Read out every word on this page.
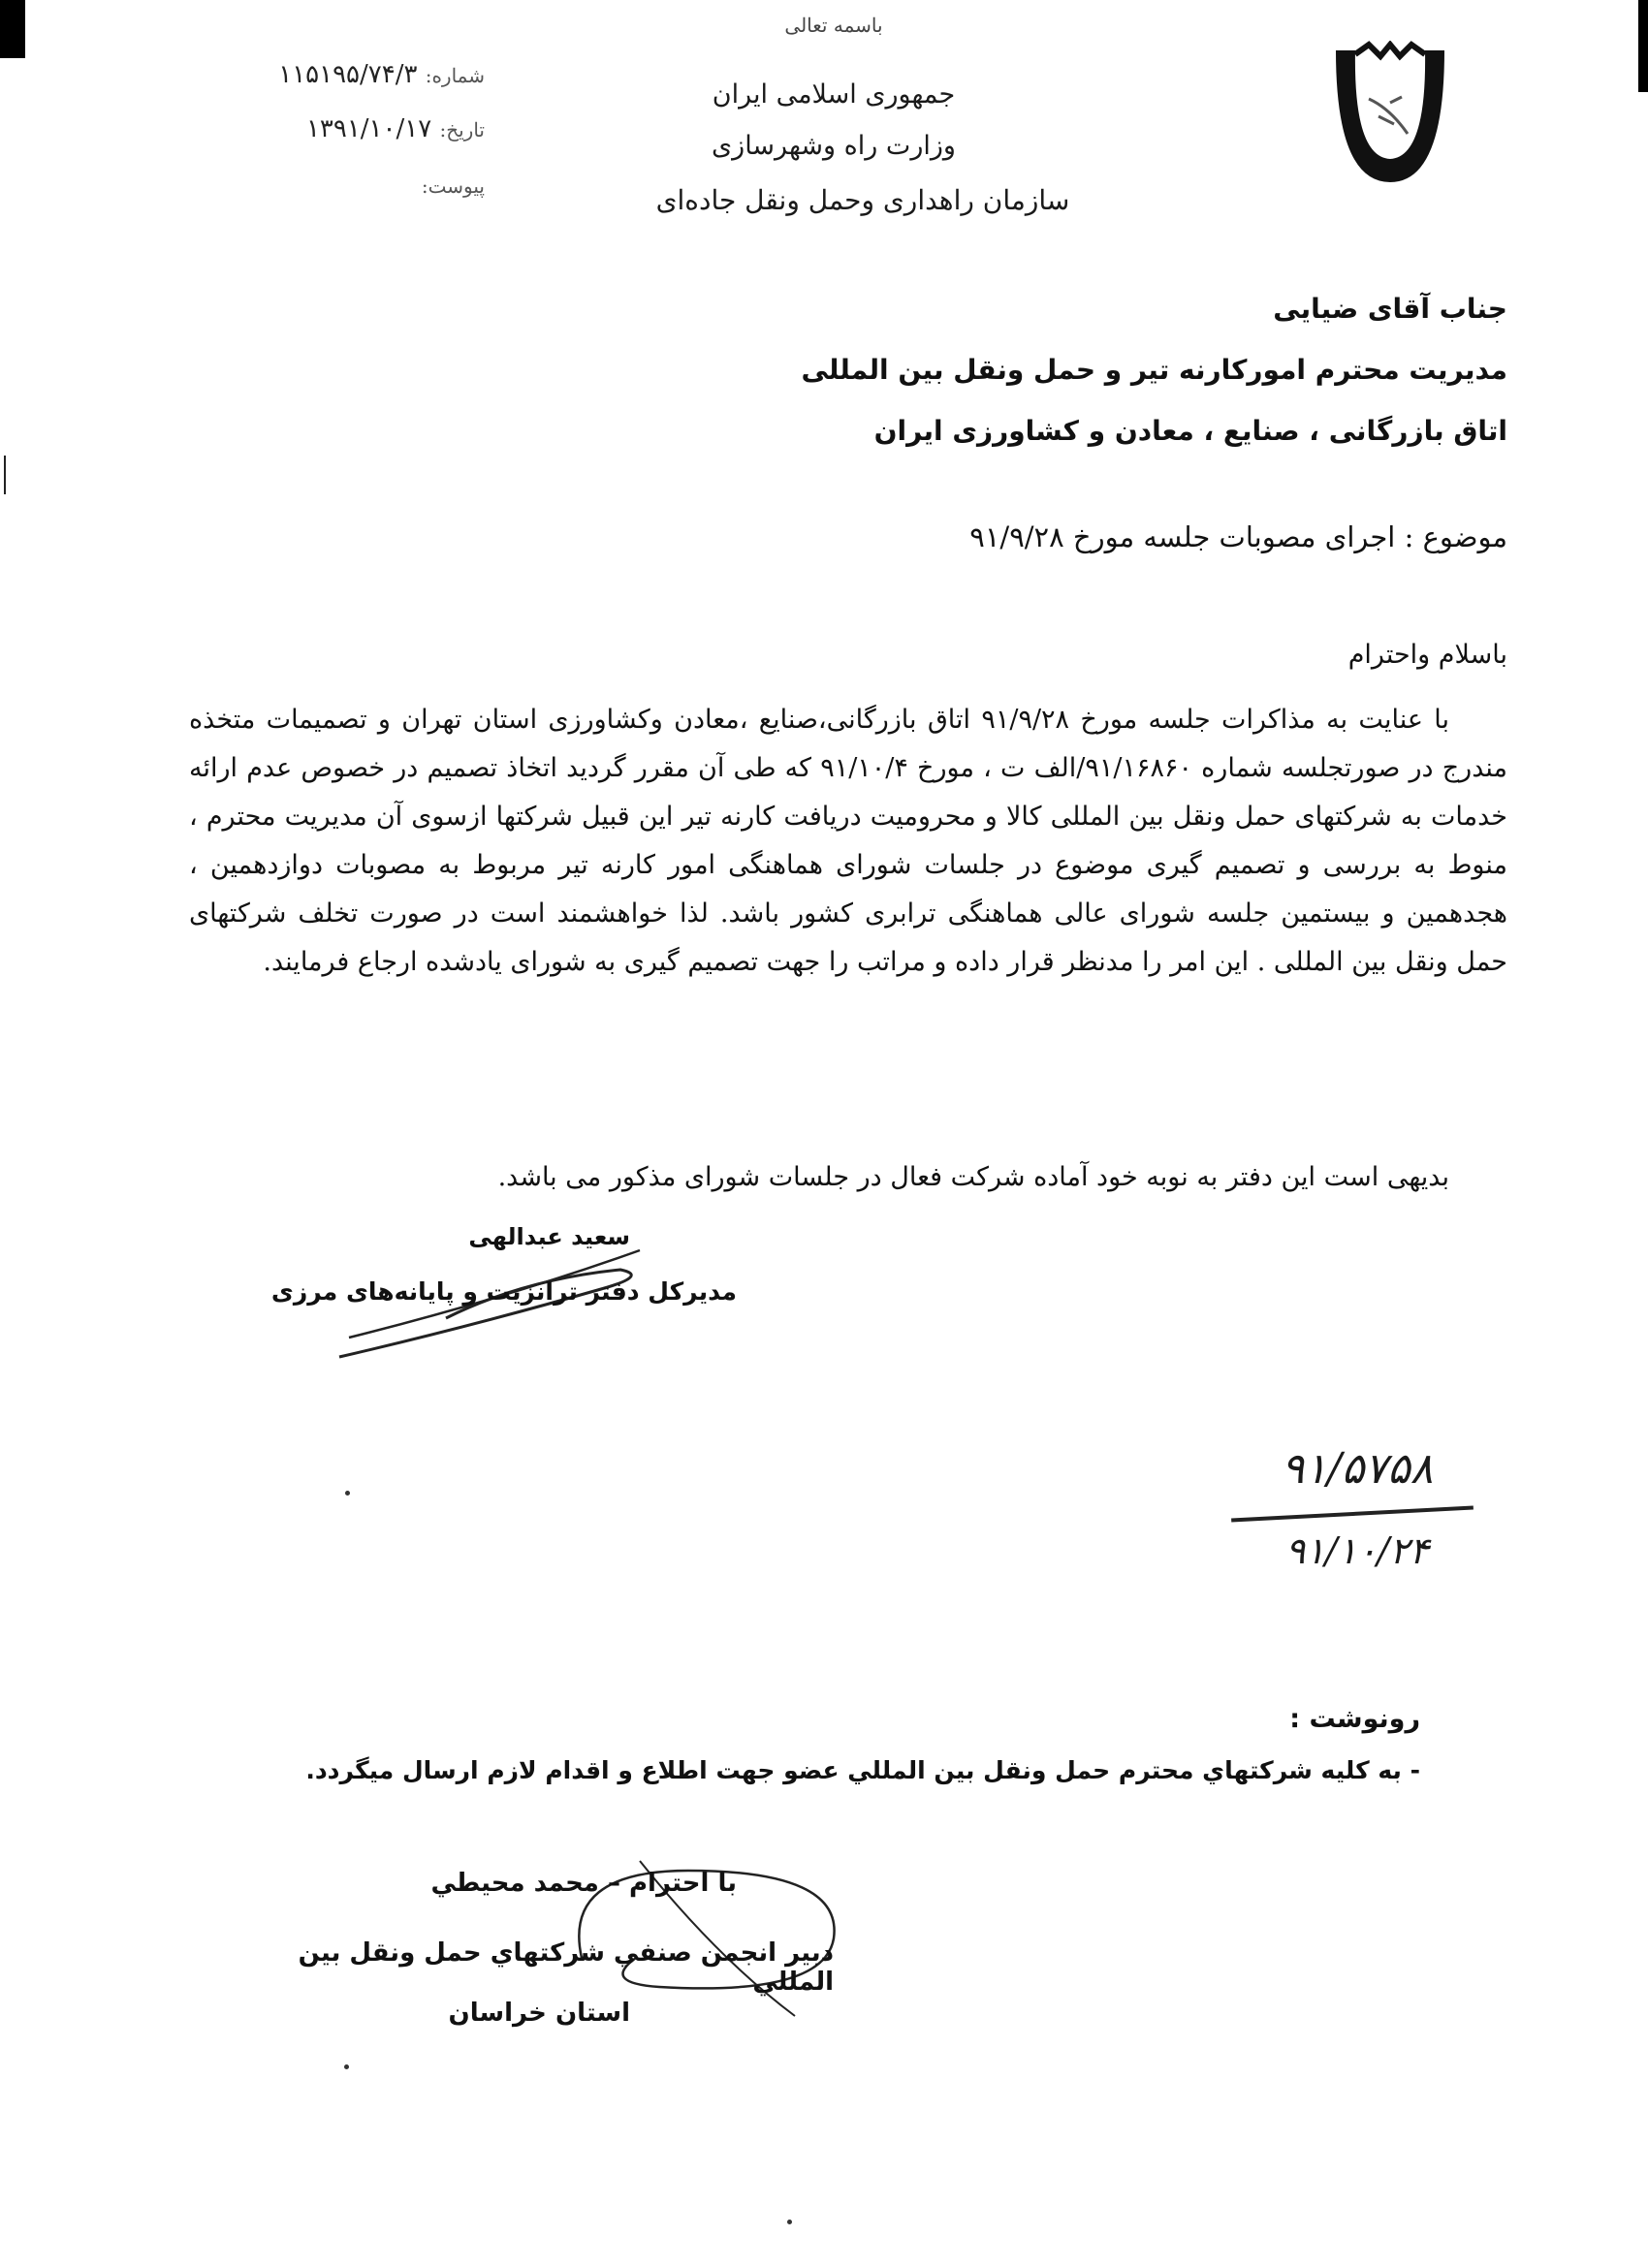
باسمه تعالی
جمهوری اسلامی ایران
وزارت راه وشهرسازی
سازمان راهداری وحمل ونقل جاده‌ای
شماره: ۱۱۵۱۹۵/۷۴/۳
تاریخ: ۱۳۹۱/۱۰/۱۷
پیوست:
جناب آقای ضیایی
مدیریت محترم امورکارنه تیر و حمل ونقل بین المللی
اتاق بازرگانی ، صنایع ، معادن و کشاورزی ایران
موضوع : اجرای مصوبات جلسه مورخ ۹۱/۹/۲۸
باسلام واحترام
با عنایت به مذاکرات جلسه مورخ ۹۱/۹/۲۸ اتاق بازرگانی،صنایع ،معادن وکشاورزی استان تهران و تصمیمات متخذه مندرج در صورتجلسه شماره ۹۱/۱۶۸۶۰/الف ت ، مورخ ۹۱/۱۰/۴ که طی آن مقرر گردید اتخاذ تصمیم در خصوص عدم ارائه خدمات به شرکتهای حمل ونقل بین المللی کالا و محرومیت دریافت کارنه تیر این قبیل شرکتها ازسوی آن مدیریت محترم ، منوط به بررسی و تصمیم گیری موضوع در جلسات شورای هماهنگی امور کارنه تیر مربوط به مصوبات دوازدهمین ، هجدهمین و بیستمین جلسه شورای عالی هماهنگی ترابری کشور باشد. لذا خواهشمند است در صورت تخلف شرکتهای حمل ونقل بین المللی . این امر را مدنظر قرار داده و مراتب را جهت تصمیم گیری به شورای یادشده ارجاع فرمایند.
بدیهی است این دفتر به نوبه خود آماده شرکت فعال در جلسات شورای مذکور می باشد.
سعید عبدالهی
مدیرکل دفتر ترانزیت و پایانه‌های مرزی
۹۱/۵۷۵۸
۹۱/۱۰/۲۴
رونوشت :
- به کلیه شرکتهاي محترم حمل ونقل بین المللي عضو جهت اطلاع و اقدام لازم ارسال میگردد.
با احترام – محمد محیطي
دبیر انجمن صنفي شرکتهاي حمل ونقل بین المللي
استان خراسان
